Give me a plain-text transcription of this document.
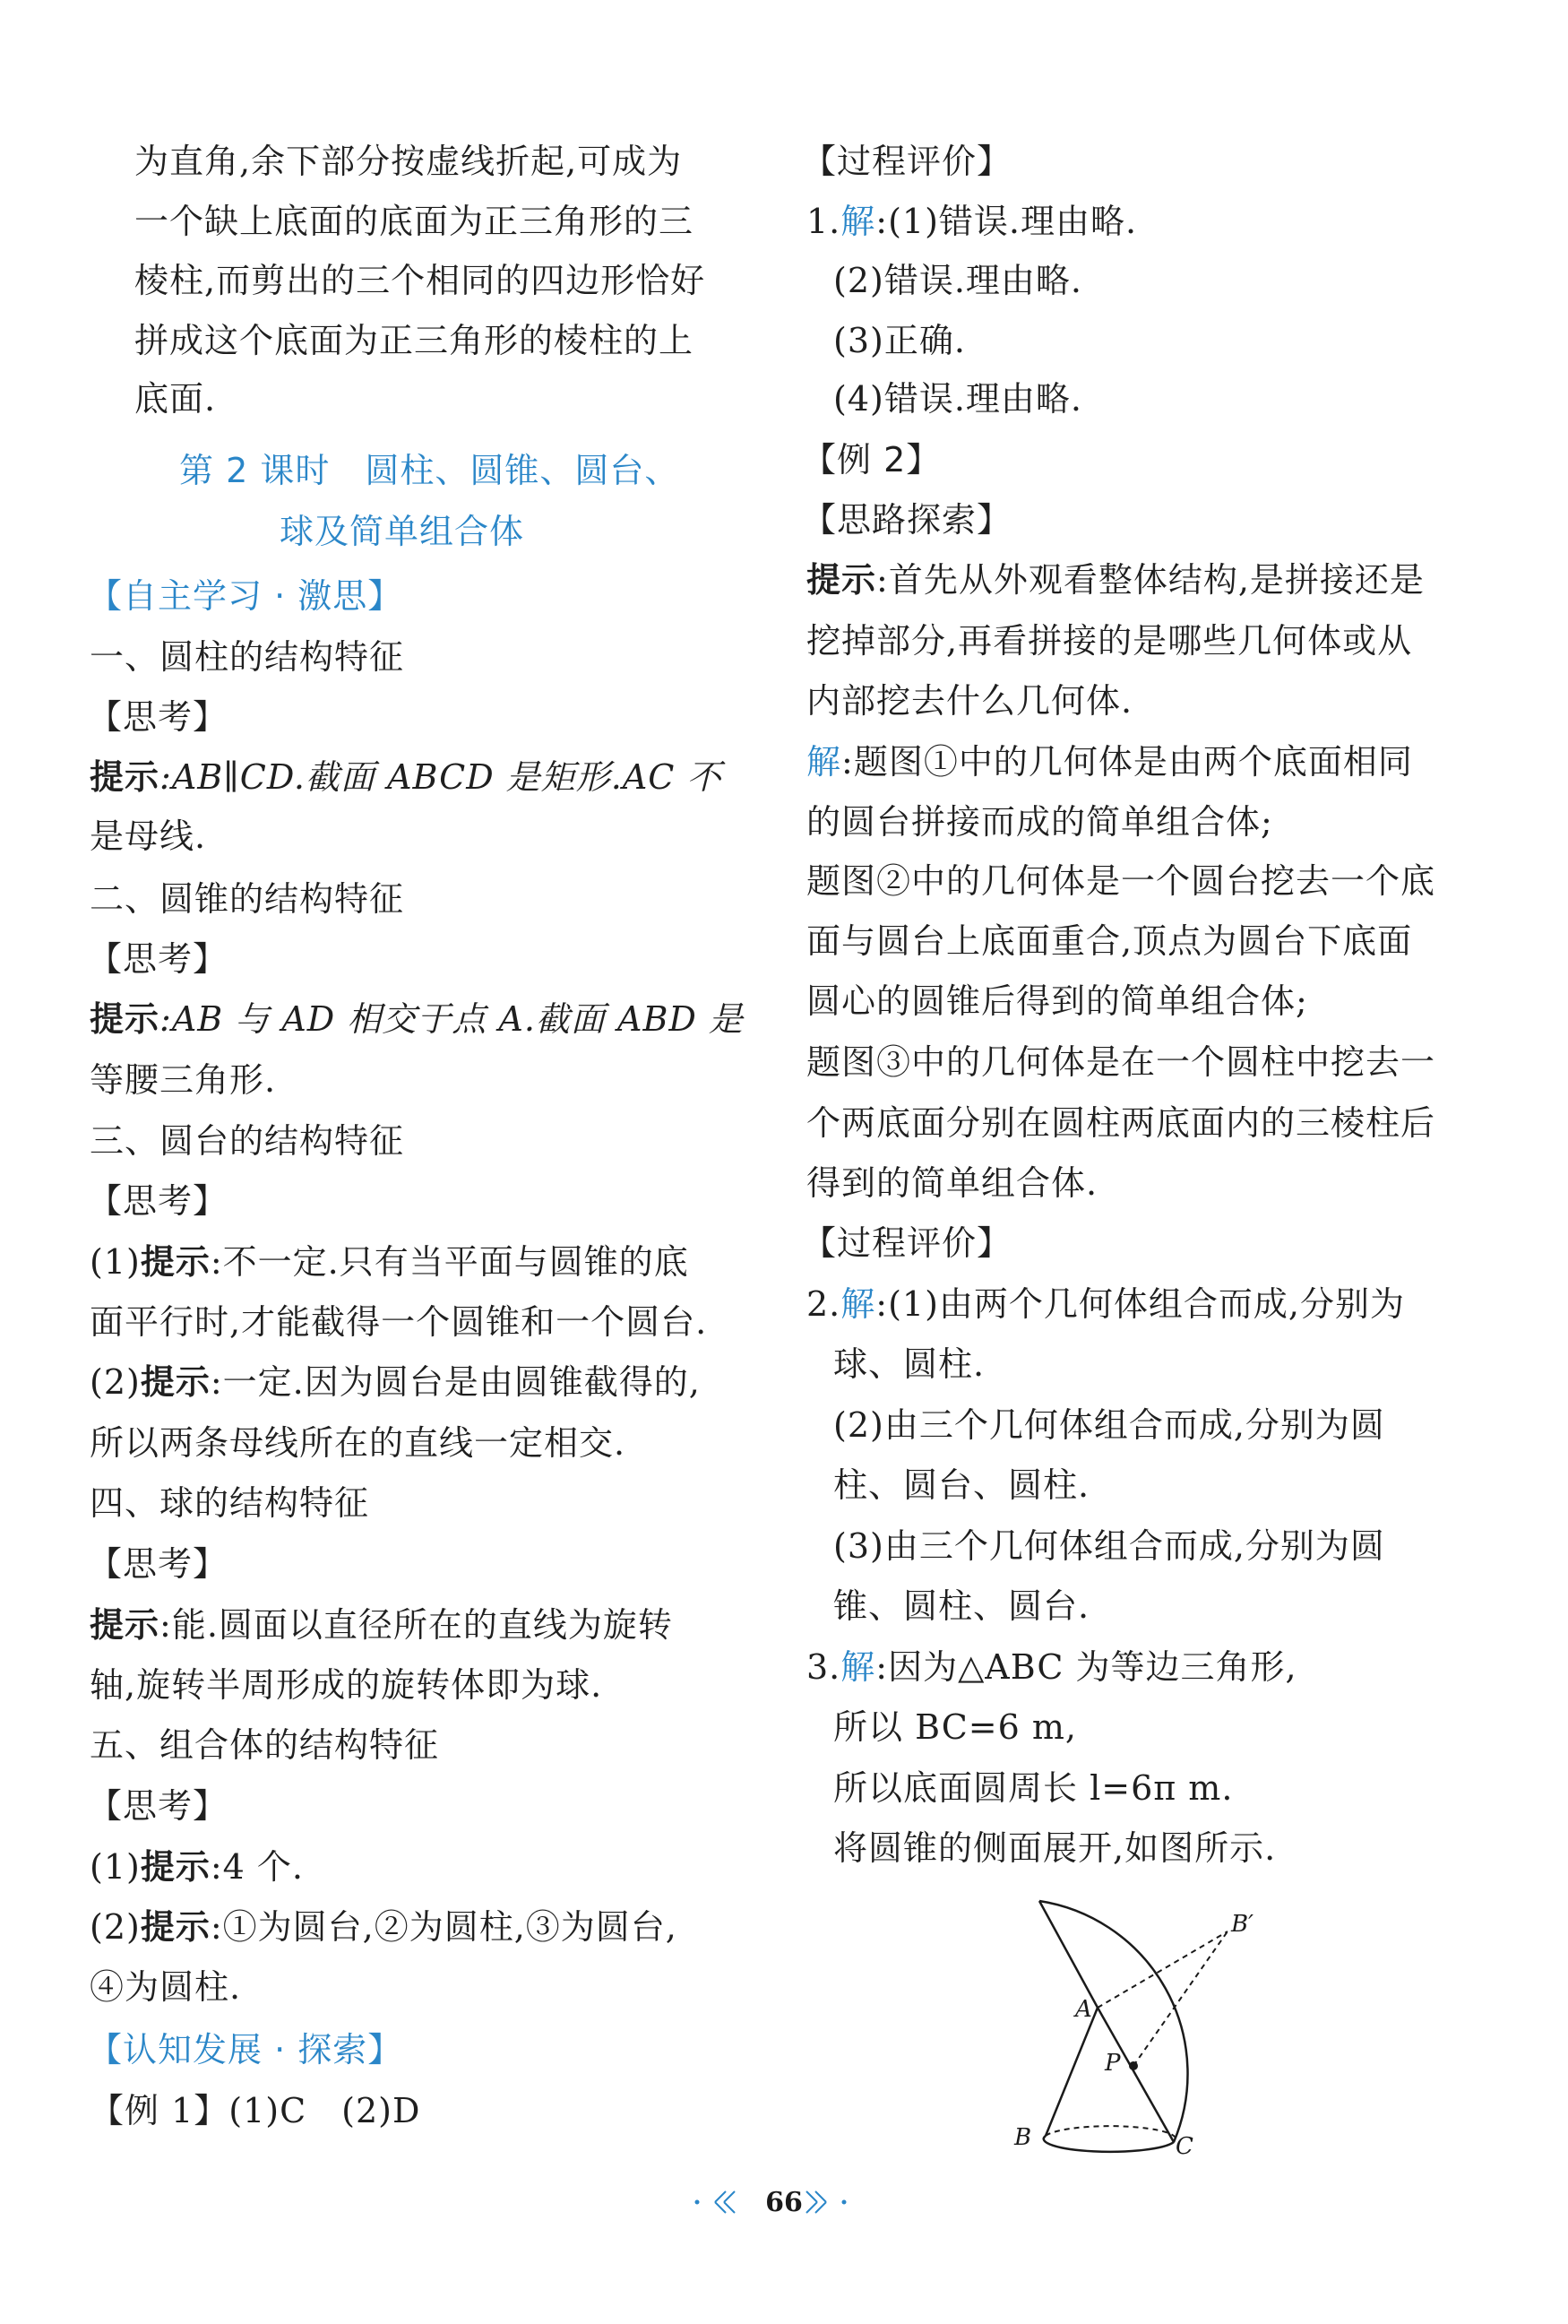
为直角,余下部分按虚线折起,可成为
一个缺上底面的底面为正三角形的三
棱柱,而剪出的三个相同的四边形恰好
拼成这个底面为正三角形的棱柱的上
底面.
第 2 课时　圆柱、圆锥、圆台、
球及简单组合体
【自主学习 · 激思】
一、圆柱的结构特征
【思考】
提示:AB∥CD.截面 ABCD 是矩形.AC 不
是母线.
二、圆锥的结构特征
【思考】
提示:AB 与 AD 相交于点 A.截面 ABD 是
等腰三角形.
三、圆台的结构特征
【思考】
(1)提示:不一定.只有当平面与圆锥的底
面平行时,才能截得一个圆锥和一个圆台.
(2)提示:一定.因为圆台是由圆锥截得的,
所以两条母线所在的直线一定相交.
四、球的结构特征
【思考】
提示:能.圆面以直径所在的直线为旋转
轴,旋转半周形成的旋转体即为球.
五、组合体的结构特征
【思考】
(1)提示:4 个.
(2)提示:①为圆台,②为圆柱,③为圆台,
④为圆柱.
【认知发展 · 探索】
【例 1】(1)C　(2)D
【过程评价】
1.解:(1)错误.理由略.
(2)错误.理由略.
(3)正确.
(4)错误.理由略.
【例 2】
【思路探索】
提示:首先从外观看整体结构,是拼接还是
挖掉部分,再看拼接的是哪些几何体或从
内部挖去什么几何体.
解:题图①中的几何体是由两个底面相同
的圆台拼接而成的简单组合体;
题图②中的几何体是一个圆台挖去一个底
面与圆台上底面重合,顶点为圆台下底面
圆心的圆锥后得到的简单组合体;
题图③中的几何体是在一个圆柱中挖去一
个两底面分别在圆柱两底面内的三棱柱后
得到的简单组合体.
【过程评价】
2.解:(1)由两个几何体组合而成,分别为
球、圆柱.
(2)由三个几何体组合而成,分别为圆
柱、圆台、圆柱.
(3)由三个几何体组合而成,分别为圆
锥、圆柱、圆台.
3.解:因为△ABC 为等边三角形,
所以 BC=6 m,
所以底面圆周长 l=6π m.
将圆锥的侧面展开,如图所示.
B′
A
P
B	C
66
